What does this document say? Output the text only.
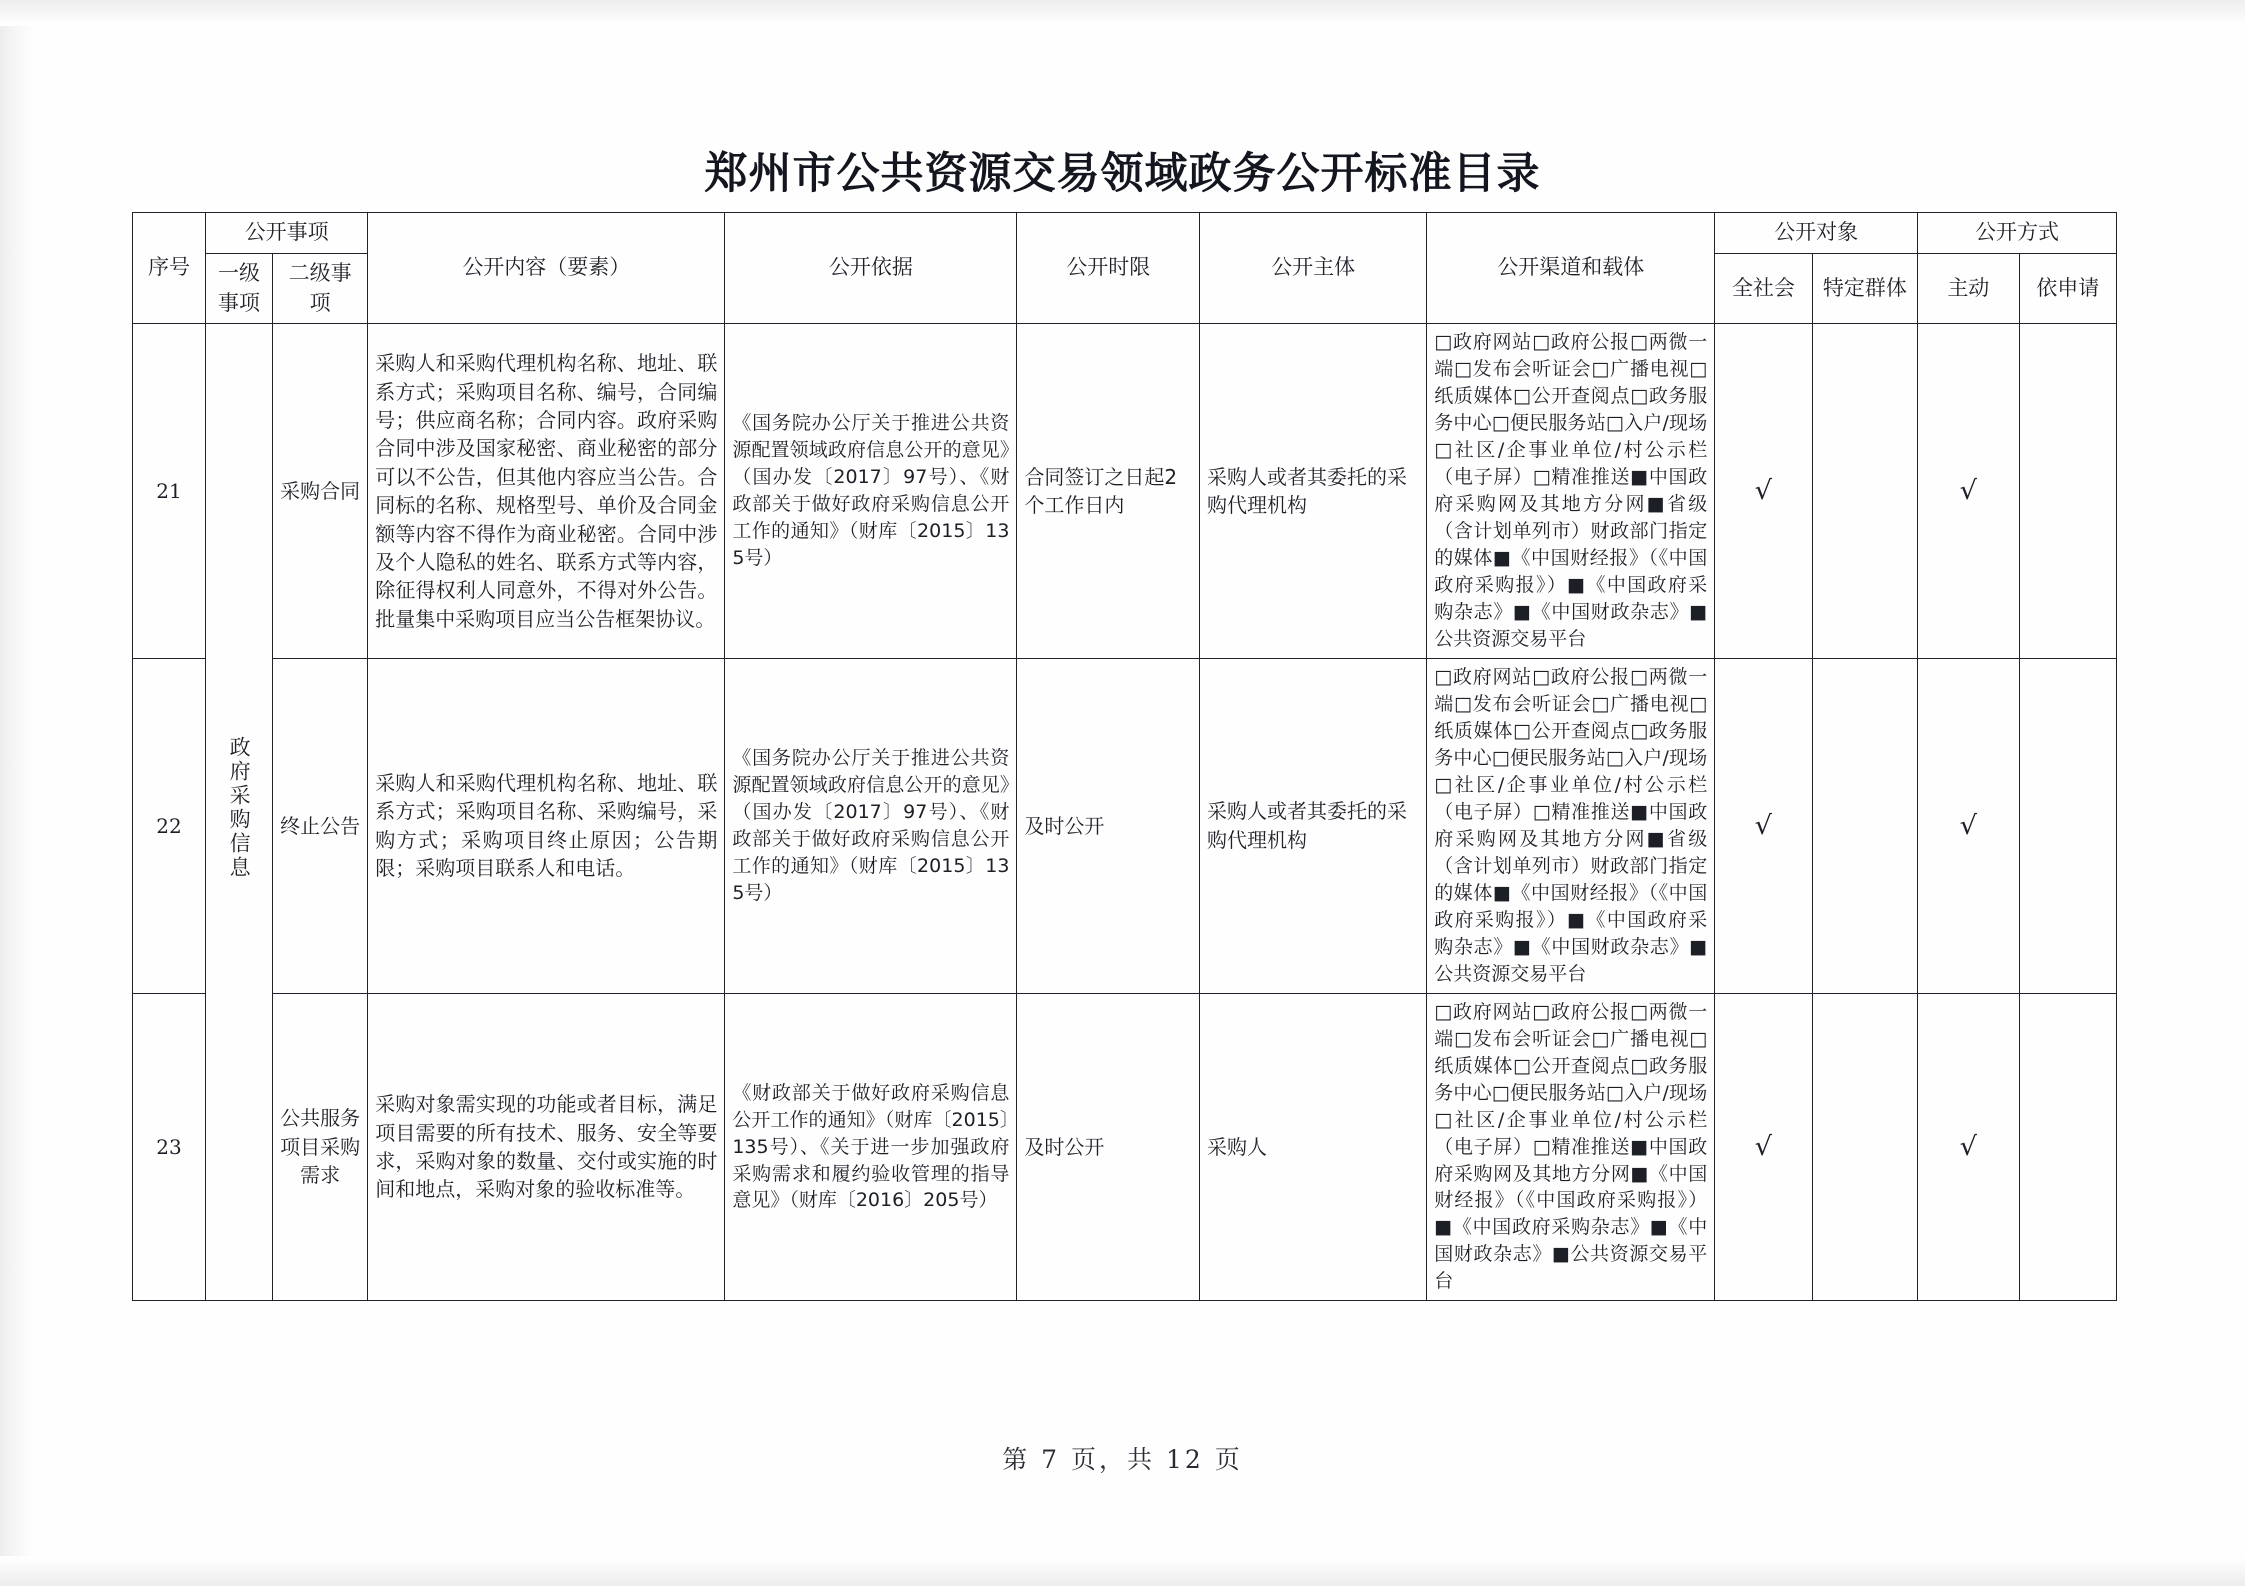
郑州市公共资源交易领域政务公开标准目录
序号	公开事项		公开内容（要素）	公开依据	公开时限	公开主体	公开渠道和载体	公开对象		公开方式	
	一级事项	二级事项						全社会	特定群体	主动	依申请
21	政府采购信息	采购合同	采购人和采购代理机构名称、地址、联系方式；采购项目名称、编号，合同编号；供应商名称；合同内容。政府采购合同中涉及国家秘密、商业秘密的部分可以不公告，但其他内容应当公告。合同标的名称、规格型号、单价及合同金额等内容不得作为商业秘密。合同中涉及个人隐私的姓名、联系方式等内容，除征得权利人同意外，不得对外公告。批量集中采购项目应当公告框架协议。	《国务院办公厅关于推进公共资源配置领域政府信息公开的意见》（国办发〔2017〕97号）、《财政部关于做好政府采购信息公开工作的通知》（财库〔2015〕135号）	合同签订之日起2个工作日内	采购人或者其委托的采购代理机构	□政府网站□政府公报□两微一端□发布会听证会□广播电视□纸质媒体□公开查阅点□政务服务中心□便民服务站□入户/现场□社区/企事业单位/村公示栏（电子屏）□精准推送■中国政府采购网及其地方分网■省级（含计划单列市）财政部门指定的媒体■《中国财经报》（《中国政府采购报》）■《中国政府采购杂志》■《中国财政杂志》■公共资源交易平台	√		√	
22		终止公告	采购人和采购代理机构名称、地址、联系方式；采购项目名称、采购编号，采购方式；采购项目终止原因；公告期限；采购项目联系人和电话。	《国务院办公厅关于推进公共资源配置领域政府信息公开的意见》（国办发〔2017〕97号）、《财政部关于做好政府采购信息公开工作的通知》（财库〔2015〕135号）	及时公开	采购人或者其委托的采购代理机构	□政府网站□政府公报□两微一端□发布会听证会□广播电视□纸质媒体□公开查阅点□政务服务中心□便民服务站□入户/现场□社区/企事业单位/村公示栏（电子屏）□精准推送■中国政府采购网及其地方分网■省级（含计划单列市）财政部门指定的媒体■《中国财经报》（《中国政府采购报》）■《中国政府采购杂志》■《中国财政杂志》■公共资源交易平台	√		√	
23		公共服务项目采购需求	采购对象需实现的功能或者目标，满足项目需要的所有技术、服务、安全等要求，采购对象的数量、交付或实施的时间和地点，采购对象的验收标准等。	《财政部关于做好政府采购信息公开工作的通知》（财库〔2015〕135号）、《关于进一步加强政府采购需求和履约验收管理的指导意见》（财库〔2016〕205号）	及时公开	采购人	□政府网站□政府公报□两微一端□发布会听证会□广播电视□纸质媒体□公开查阅点□政务服务中心□便民服务站□入户/现场□社区/企事业单位/村公示栏（电子屏）□精准推送■中国政府采购网及其地方分网■《中国财经报》（《中国政府采购报》）■《中国政府采购杂志》■《中国财政杂志》■公共资源交易平台	√		√	
第 7 页，共 12 页
